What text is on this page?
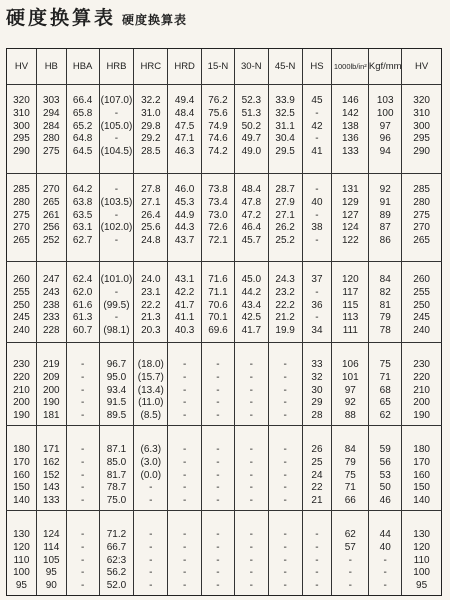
硬度换算表 硬度换算表
HV
320
310
300
295
290
285
280
275
270
265
260
255
250
245
240
230
220
210
200
190
180
170
160
150
140
130
120
110
100
95
HB
303
294
284
280
275
270
265
261
256
252
247
243
238
233
228
219
209
200
190
181
171
162
152
143
133
124
114
105
95
90
HBA
66.4
65.8
65.2
64.8
64.5
64.2
63.8
63.5
63.1
62.7
62.4
62.0
61.6
61.3
60.7
-
-
-
-
-
-
-
-
-
-
-
-
-
-
-
HRB
(107.0)
-
(105.0)
-
(104.5)
-
(103.5)
-
(102.0)
-
(101.0)
-
(99.5)
-
(98.1)
96.7
95.0
93.4
91.5
89.5
87.1
85.0
81.7
78.7
75.0
71.2
66.7
62:3
56.2
52.0
HRC
32.2
31.0
29.8
29.2
28.5
27.8
27.1
26.4
25.6
24.8
24.0
23.1
22.2
21.3
20.3
(18.0)
(15.7)
(13.4)
(11.0)
(8.5)
(6.3)
(3.0)
(0.0)
-
-
-
-
-
-
-
HRD
49.4
48.4
47.5
47.1
46.3
46.0
45.3
44.9
44.3
43.7
43.1
42.2
41.7
41.1
40.3
-
-
-
-
-
-
-
-
-
-
-
-
-
-
-
15-N
76.2
75.6
74.9
74.6
74.2
73.8
73.4
73.0
72.6
72.1
71.6
71.1
70.6
70.1
69.6
-
-
-
-
-
-
-
-
-
-
-
-
-
-
-
30-N
52.3
51.3
50.2
49.7
49.0
48.4
47.8
47.2
46.4
45.7
45.0
44.2
43.4
42.5
41.7
-
-
-
-
-
-
-
-
-
-
-
-
-
-
-
45-N
33.9
32.5
31.1
30.4
29.5
28.7
27.9
27.1
26.2
25.2
24.3
23.2
22.2
21.2
19.9
-
-
-
-
-
-
-
-
-
-
-
-
-
-
-
HS
45
-
42
-
41
-
40
-
38
-
37
-
36
-
34
33
32
30
29
28
26
25
24
22
21
-
-
-
-
-
1000lb/in²
146
142
138
136
133
131
129
127
124
122
120
117
115
113
111
106
101
97
92
88
84
79
75
71
66
62
57
-
-
-
Kgf/mm
103
100
97
96
94
92
91
89
87
86
84
82
81
79
78
75
71
68
65
62
59
56
53
50
46
44
40
-
-
-
HV
320
310
300
295
290
285
280
275
270
265
260
255
250
245
240
230
220
210
200
190
180
170
160
150
140
130
120
110
100
95
